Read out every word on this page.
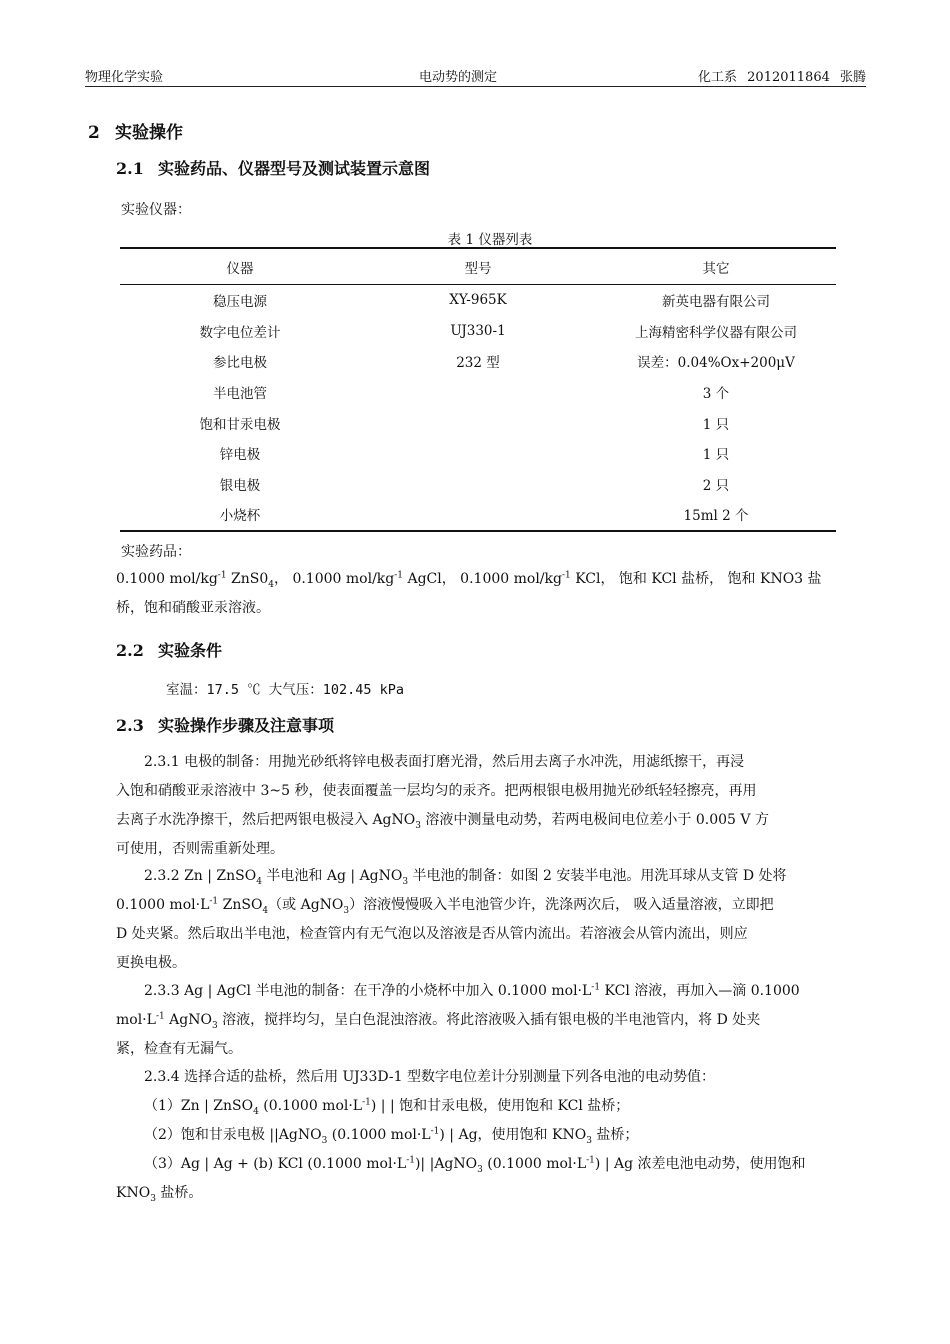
物理化学实验	电动势的测定	化工系 2012011864 张腾
2 实验操作
2.1 实验药品、仪器型号及测试装置示意图
实验仪器：
表 1 仪器列表
仪器	型号	其它
稳压电源	XY-965K	新英电器有限公司
数字电位差计	UJ330-1	上海精密科学仪器有限公司
参比电极	232 型	误差：0.04%Ox+200μV
半电池管		3 个
饱和甘汞电极		1 只
锌电极		1 只
银电极		2 只
小烧杯		15ml 2 个
实验药品：
0.1000 mol/$kg^{-1}$ $ZnS0_4$， 0.1000 mol/$kg^{-1}$ AgCl， 0.1000 mol/$kg^{-1}$ KCl， 饱和 KCl 盐桥， 饱和 KNO3 盐
桥，饱和硝酸亚汞溶液。
2.2 实验条件
室温：17.5 ℃ 大气压：102.45 kPa
2.3 实验操作步骤及注意事项
2.3.1 电极的制备：用抛光砂纸将锌电极表面打磨光滑，然后用去离子水冲洗，用滤纸擦干，再浸
入饱和硝酸亚汞溶液中 3~5 秒，使表面覆盖一层均匀的汞齐。把两根银电极用抛光砂纸轻轻擦亮，再用
去离子水洗净擦干，然后把两银电极浸入 AgNO$_3$ 溶液中测量电动势，若两电极间电位差小于 0.005 V 方
可使用，否则需重新处理。
2.3.2 Zn | ZnSO$_4$ 半电池和 Ag | AgNO$_3$ 半电池的制备：如图 2 安装半电池。用洗耳球从支管 D 处将
0.1000 $mol\cdot L^{-1}$ ZnSO$_4$（或 AgNO$_3$）溶液慢慢吸入半电池管少许，洗涤两次后， 吸入适量溶液，立即把
D 处夹紧。然后取出半电池，检查管内有无气泡以及溶液是否从管内流出。若溶液会从管内流出，则应
更换电极。
2.3.3 Ag | AgCl 半电池的制备：在干净的小烧杯中加入 0.1000 $mol\cdot L^{-1}$ KCl 溶液，再加入—滴 0.1000
$mol\cdot L^{-1}$ AgNO$_3$ 溶液，搅拌均匀，呈白色混浊溶液。将此溶液吸入插有银电极的半电池管内，将 D 处夹
紧，检查有无漏气。
2.3.4 选择合适的盐桥，然后用 UJ33D-1 型数字电位差计分别测量下列各电池的电动势值：
（1）Zn | ZnSO$_4$ (0.1000 $mol\cdot L^{-1}$) | | 饱和甘汞电极，使用饱和 KCl 盐桥；
（2）饱和甘汞电极 ||AgNO$_3$ (0.1000 $mol\cdot L^{-1}$) | Ag，使用饱和 $KNO_3$ 盐桥；
（3）Ag | Ag + (b) KCl (0.1000 $mol\cdot L^{-1})|$ |AgNO$_3$ (0.1000 $mol\cdot L^{-1}$) | Ag 浓差电池电动势，使用饱和
$KNO_3$ 盐桥。
